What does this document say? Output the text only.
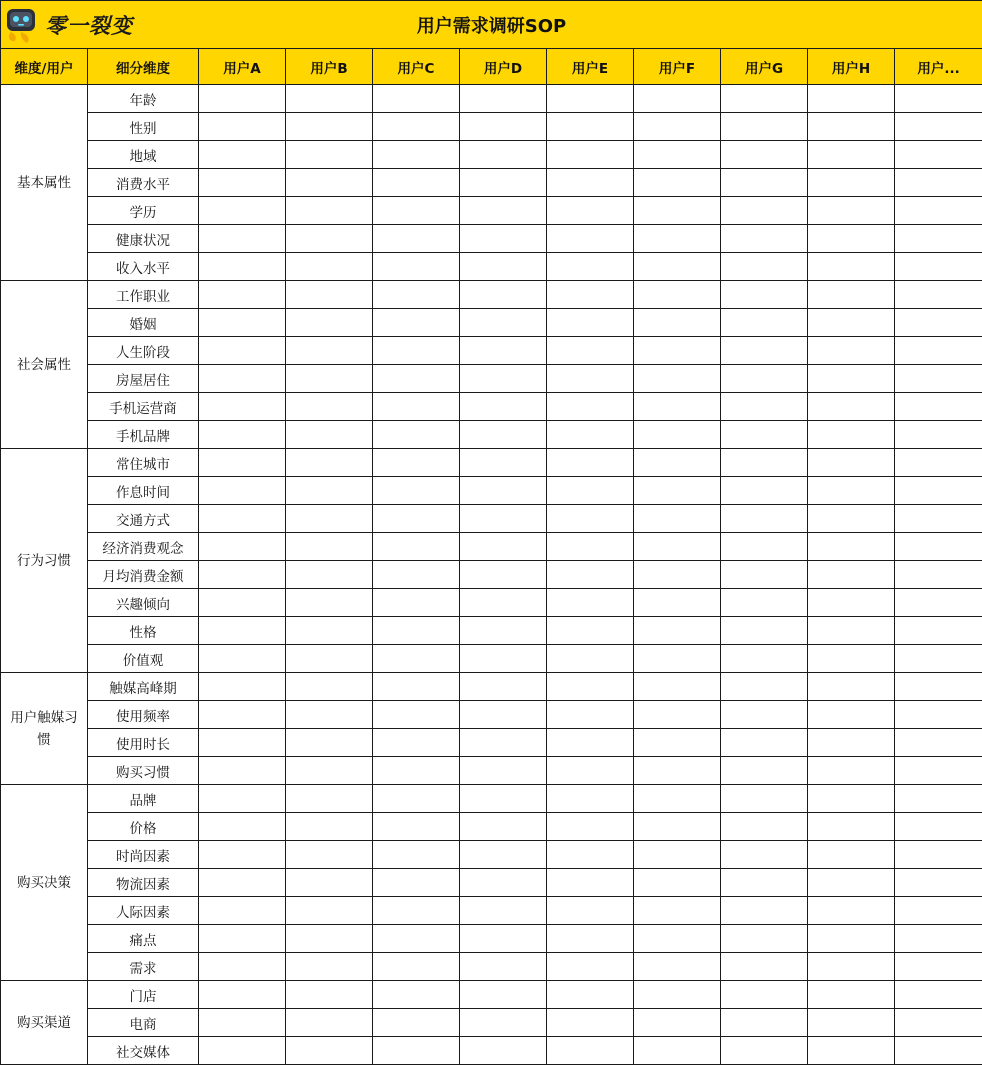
零一裂变 用户需求调研SOP										
维度/用户	细分维度	用户A	用户B	用户C	用户D	用户E	用户F	用户G	用户H	用户...
基本属性	年龄									
	性别									
	地域									
	消费水平									
	学历									
	健康状况									
	收入水平									
社会属性	工作职业									
	婚姻									
	人生阶段									
	房屋居住									
	手机运营商									
	手机品牌									
行为习惯	常住城市									
	作息时间									
	交通方式									
	经济消费观念									
	月均消费金额									
	兴趣倾向									
	性格									
	价值观									
用户触媒习惯	触媒高峰期									
	使用频率									
	使用时长									
	购买习惯									
购买决策	品牌									
	价格									
	时尚因素									
	物流因素									
	人际因素									
	痛点									
	需求									
购买渠道	门店									
	电商									
	社交媒体									
